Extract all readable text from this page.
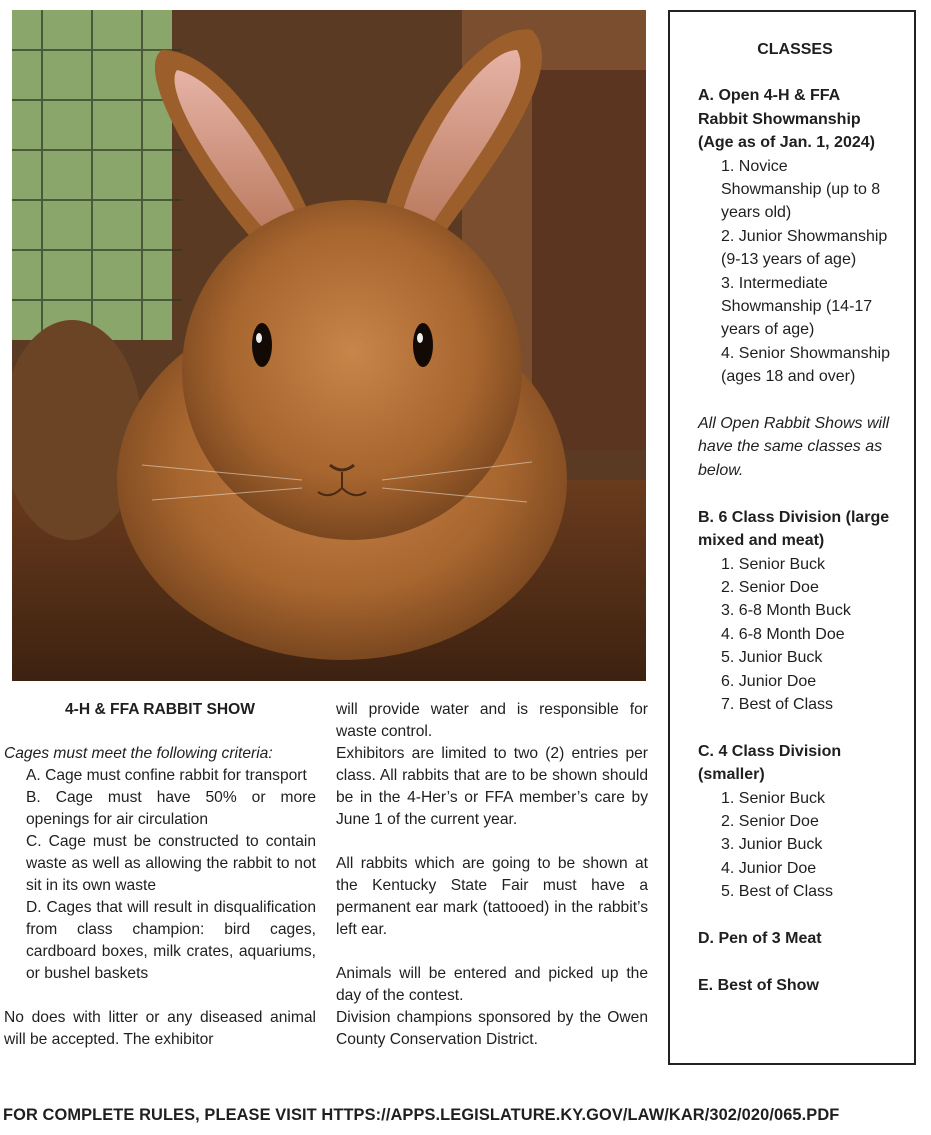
4-H & FFA RABBIT SHOW

Cages must meet the following criteria:

A. Cage must confine rabbit for transport
B. Cage must have 50% or more openings for air circulation
C. Cage must be constructed to contain waste as well as allowing the rabbit to not sit in its own waste
D. Cages that will result in disqualification from class champion: bird cages, cardboard boxes, milk crates, aquariums, or bushel baskets

No does with litter or any diseased animal will be accepted. The exhibitor

will provide water and is responsible for waste control.

Exhibitors are limited to two (2) entries per class. All rabbits that are to be shown should be in the 4-Her’s or FFA member’s care by June 1 of the current year.

All rabbits which are going to be shown at the Kentucky State Fair must have a permanent ear mark (tattooed) in the rabbit’s left ear.

Animals will be entered and picked up the day of the contest.

Division champions sponsored by the Owen County Conservation District.

CLASSES
A. Open 4-H & FFA Rabbit Showmanship (Age as of Jan. 1, 2024)
1. Novice Showmanship (up to 8 years old)
2. Junior Showmanship (9-13 years of age)
3. Intermediate Showmanship (14-17 years of age)
4. Senior Showmanship (ages 18 and over)
All Open Rabbit Shows will have the same classes as below.
B. 6 Class Division (large mixed and meat)
1. Senior Buck
2. Senior Doe
3. 6-8 Month Buck
4. 6-8 Month Doe
5. Junior Buck
6. Junior Doe
7. Best of Class
C. 4 Class Division (smaller)
1. Senior Buck
2. Senior Doe
3. Junior Buck
4. Junior Doe
5. Best of Class
D. Pen of 3 Meat
E. Best of Show
FOR COMPLETE RULES, PLEASE VISIT HTTPS://APPS.LEGISLATURE.KY.GOV/LAW/KAR/302/020/065.PDF
